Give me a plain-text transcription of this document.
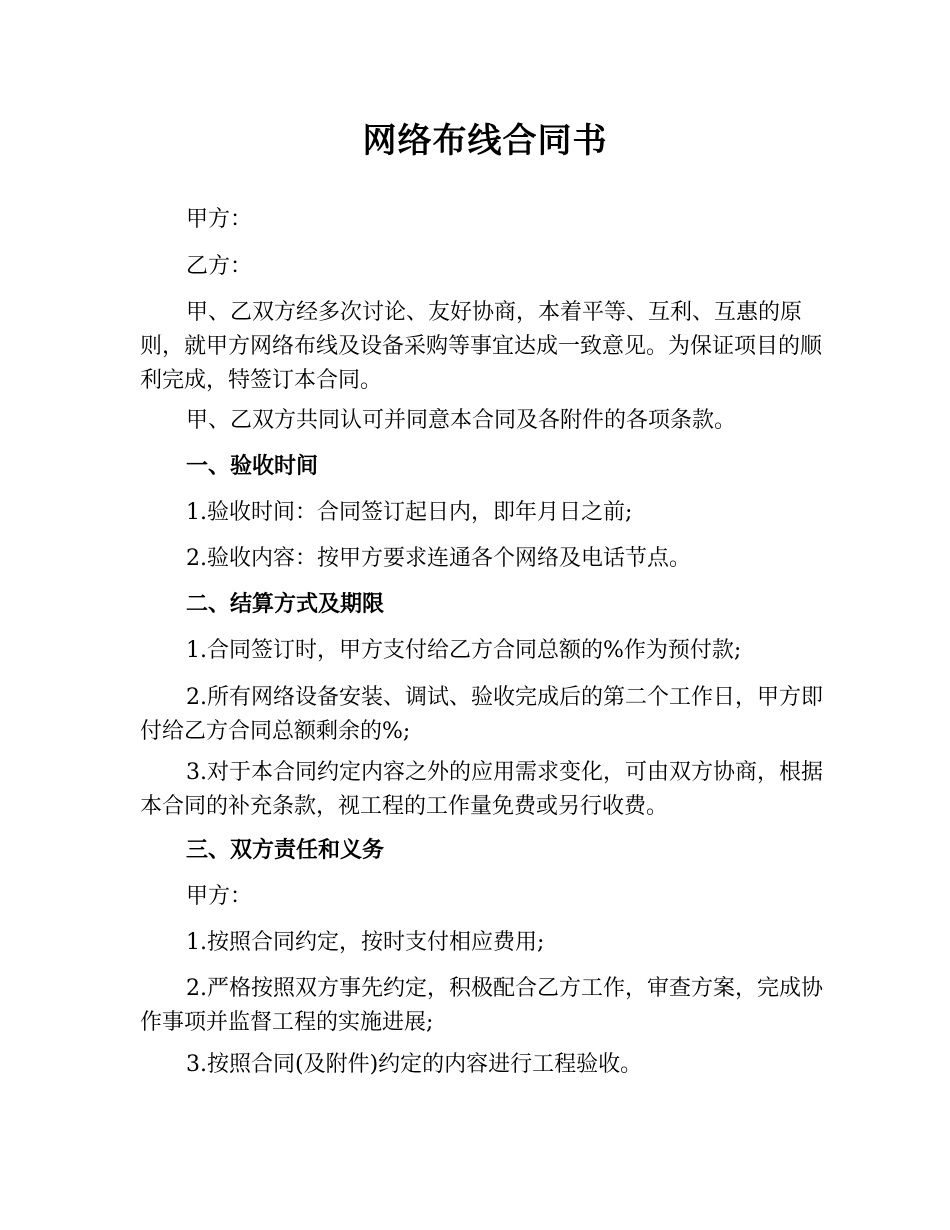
网络布线合同书

甲方：

乙方：

甲、乙双方经多次讨论、友好协商，本着平等、互利、互惠的原则，就甲方网络布线及设备采购等事宜达成一致意见。为保证项目的顺利完成，特签订本合同。

甲、乙双方共同认可并同意本合同及各附件的各项条款。

一、验收时间

1.验收时间：合同签订起日内，即年月日之前;

2.验收内容：按甲方要求连通各个网络及电话节点。

二、结算方式及期限

1.合同签订时，甲方支付给乙方合同总额的%作为预付款;

2.所有网络设备安装、调试、验收完成后的第二个工作日，甲方即付给乙方合同总额剩余的%;

3.对于本合同约定内容之外的应用需求变化，可由双方协商，根据本合同的补充条款，视工程的工作量免费或另行收费。

三、双方责任和义务

甲方：

1.按照合同约定，按时支付相应费用;

2.严格按照双方事先约定，积极配合乙方工作，审查方案，完成协作事项并监督工程的实施进展;

3.按照合同(及附件)约定的内容进行工程验收。
